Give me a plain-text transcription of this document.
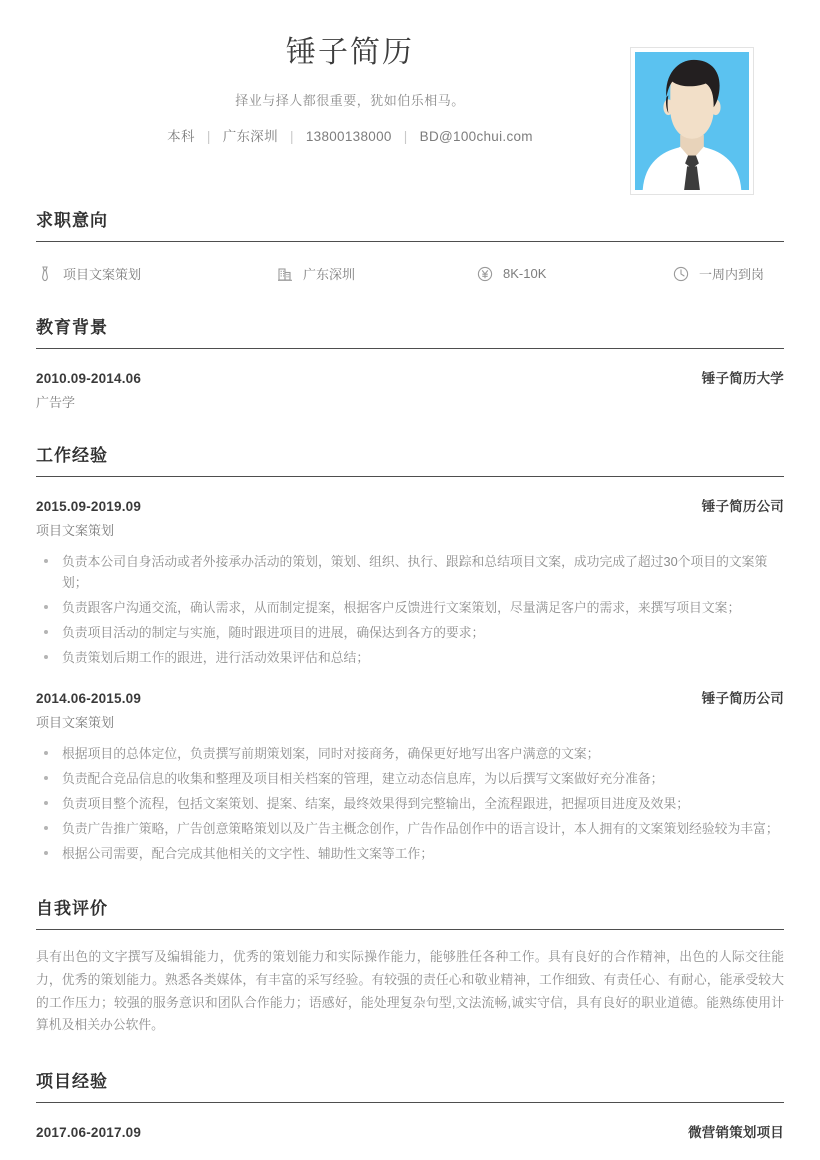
锤子简历
择业与择人都很重要，犹如伯乐相马。
本科 | 广东深圳 | 13800138000 | BD@100chui.com
求职意向
项目文案策划	广东深圳	8K-10K	一周内到岗
教育背景
2010.09-2014.06	锤子简历大学
广告学
工作经验
2015.09-2019.09	锤子简历公司
项目文案策划
负责本公司自身活动或者外接承办活动的策划，策划、组织、执行、跟踪和总结项目文案，成功完成了超过30个项目的文案策划；
负责跟客户沟通交流，确认需求，从而制定提案，根据客户反馈进行文案策划，尽量满足客户的需求，来撰写项目文案；
负责项目活动的制定与实施，随时跟进项目的进展，确保达到各方的要求；
负责策划后期工作的跟进，进行活动效果评估和总结；
2014.06-2015.09	锤子简历公司
项目文案策划
根据项目的总体定位，负责撰写前期策划案，同时对接商务，确保更好地写出客户满意的文案；
负责配合竞品信息的收集和整理及项目相关档案的管理，建立动态信息库，为以后撰写文案做好充分准备；
负责项目整个流程，包括文案策划、提案、结案，最终效果得到完整输出，全流程跟进，把握项目进度及效果；
负责广告推广策略，广告创意策略策划以及广告主概念创作，广告作品创作中的语言设计，本人拥有的文案策划经验较为丰富；
根据公司需要，配合完成其他相关的文字性、辅助性文案等工作；
自我评价
具有出色的文字撰写及编辑能力，优秀的策划能力和实际操作能力，能够胜任各种工作。具有良好的合作精神，出色的人际交往能力，优秀的策划能力。熟悉各类媒体，有丰富的采写经验。有较强的责任心和敬业精神，工作细致、有责任心、有耐心，能承受较大的工作压力；较强的服务意识和团队合作能力；语感好，能处理复杂句型,文法流畅,诚实守信，具有良好的职业道德。能熟练使用计算机及相关办公软件。
项目经验
2017.06-2017.09	微营销策划项目
